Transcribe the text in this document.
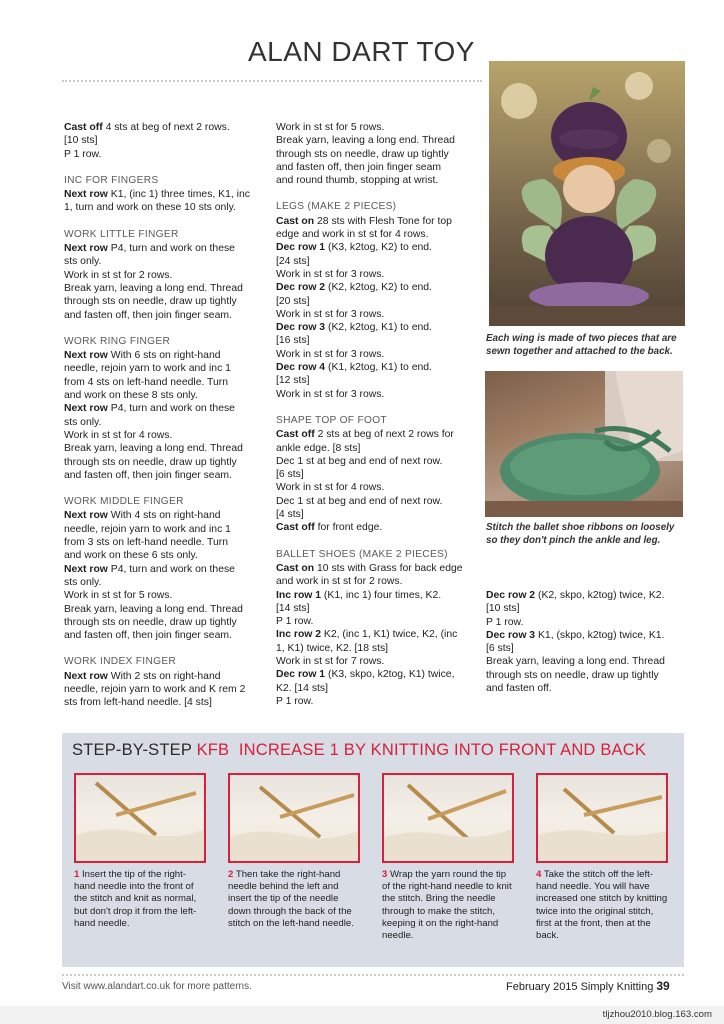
ALAN DART TOY
Cast off 4 sts at beg of next 2 rows.
[10 sts]
P 1 row.
INC FOR FINGERS
Next row K1, (inc 1) three times, K1, inc
1, turn and work on these 10 sts only.
WORK LITTLE FINGER
Next row P4, turn and work on these
sts only.
Work in st st for 2 rows.
Break yarn, leaving a long end. Thread
through sts on needle, draw up tightly
and fasten off, then join finger seam.
WORK RING FINGER
Next row With 6 sts on right-hand
needle, rejoin yarn to work and inc 1
from 4 sts on left-hand needle. Turn
and work on these 8 sts only.
Next row P4, turn and work on these
sts only.
Work in st st for 4 rows.
Break yarn, leaving a long end. Thread
through sts on needle, draw up tightly
and fasten off, then join finger seam.
WORK MIDDLE FINGER
Next row With 4 sts on right-hand
needle, rejoin yarn to work and inc 1
from 3 sts on left-hand needle. Turn
and work on these 6 sts only.
Next row P4, turn and work on these
sts only.
Work in st st for 5 rows.
Break yarn, leaving a long end. Thread
through sts on needle, draw up tightly
and fasten off, then join finger seam.
WORK INDEX FINGER
Next row With 2 sts on right-hand
needle, rejoin yarn to work and K rem 2
sts from left-hand needle. [4 sts]
Work in st st for 5 rows.
Break yarn, leaving a long end. Thread
through sts on needle, draw up tightly
and fasten off, then join finger seam
and round thumb, stopping at wrist.
LEGS (MAKE 2 PIECES)
Cast on 28 sts with Flesh Tone for top
edge and work in st st for 4 rows.
Dec row 1 (K3, k2tog, K2) to end.
[24 sts]
Work in st st for 3 rows.
Dec row 2 (K2, k2tog, K2) to end.
[20 sts]
Work in st st for 3 rows.
Dec row 3 (K2, k2tog, K1) to end.
[16 sts]
Work in st st for 3 rows.
Dec row 4 (K1, k2tog, K1) to end.
[12 sts]
Work in st st for 3 rows.
SHAPE TOP OF FOOT
Cast off 2 sts at beg of next 2 rows for
ankle edge. [8 sts]
Dec 1 st at beg and end of next row.
[6 sts]
Work in st st for 4 rows.
Dec 1 st at beg and end of next row.
[4 sts]
Cast off for front edge.
BALLET SHOES (MAKE 2 PIECES)
Cast on 10 sts with Grass for back edge
and work in st st for 2 rows.
Inc row 1 (K1, inc 1) four times, K2.
[14 sts]
P 1 row.
Inc row 2 K2, (inc 1, K1) twice, K2, (inc
1, K1) twice, K2. [18 sts]
Work in st st for 7 rows.
Dec row 1 (K3, skpo, k2tog, K1) twice,
K2. [14 sts]
P 1 row.
Dec row 2 (K2, skpo, k2tog) twice, K2.
[10 sts]
P 1 row.
Dec row 3 K1, (skpo, k2tog) twice, K1.
[6 sts]
Break yarn, leaving a long end. Thread
through sts on needle, draw up tightly
and fasten off.
Each wing is made of two pieces that are sewn together and attached to the back.
Stitch the ballet shoe ribbons on loosely so they don't pinch the ankle and leg.
STEP-BY-STEP KFB  INCREASE 1 BY KNITTING INTO FRONT AND BACK
1 Insert the tip of the right-hand needle into the front of the stitch and knit as normal, but don't drop it from the left-hand needle.
2 Then take the right-hand needle behind the left and insert the tip of the needle down through the back of the stitch on the left-hand needle.
3 Wrap the yarn round the tip of the right-hand needle to knit the stitch. Bring the needle through to make the stitch, keeping it on the right-hand needle.
4 Take the stitch off the left-hand needle. You will have increased one stitch by knitting twice into the original stitch, first at the front, then at the back.
Visit www.alandart.co.uk for more patterns.	February 2015 Simply Knitting 39
tljzhou2010.blog.163.com
